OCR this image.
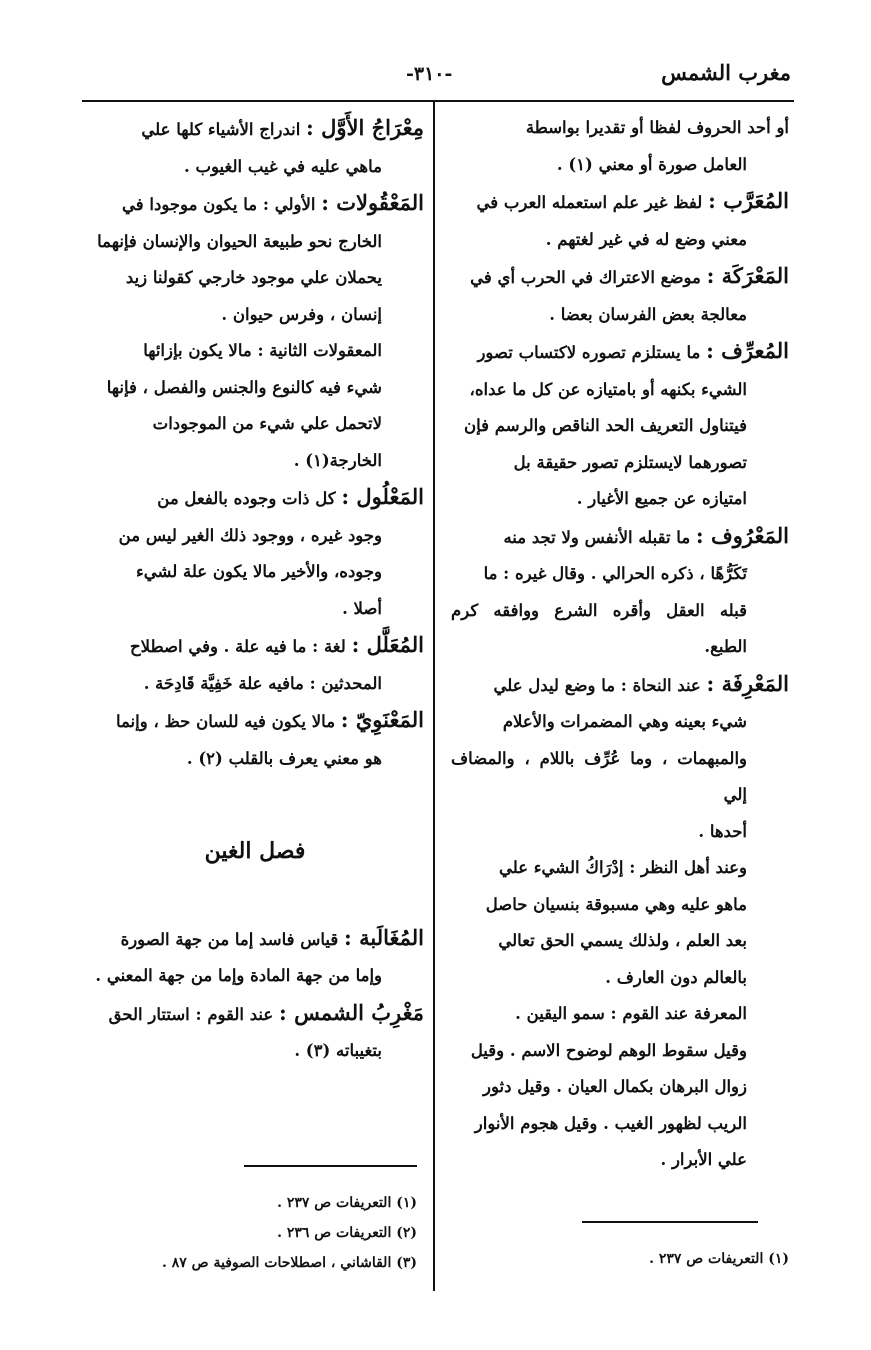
مغرب الشمس
-٣١٠-
أو أحد الحروف لفظا أو تقديرا بواسطة
العامل صورة أو معني (١) .
المُعَرَّب : لفظ غير علم استعمله العرب في
معني وضع له في غير لغتهم .
المَعْرَكَة : موضع الاعتراك في الحرب أي في
معالجة بعض الفرسان بعضا .
المُعرِّف : ما يستلزم تصوره لاكتساب تصور
الشيء بكنهه أو بامتيازه عن كل ما عداه،
فيتناول التعريف الحد الناقص والرسم فإن
تصورهما لايستلزم تصور حقيقة بل
امتيازه عن جميع الأغيار .
المَعْرُوف : ما تقبله الأنفس ولا تجد منه
تَكَرُّهًا ، ذكره الحرالي . وقال غيره : ما
قبله العقل وأقره الشرع ووافقه كرم الطبع.
المَعْرِفَة : عند النحاة : ما وضع ليدل علي
شيء بعينه وهي المضمرات والأعلام
والمبهمات ، وما عُرِّف باللام ، والمضاف إلي
أحدها .
وعند أهل النظر : إدْرَاكُ الشيء علي
ماهو عليه وهي مسبوقة بنسيان حاصل
بعد العلم ، ولذلك يسمي الحق تعالي
بالعالم دون العارف .
المعرفة عند القوم : سمو اليقين .
وقيل سقوط الوهم لوضوح الاسم . وقيل
زوال البرهان بكمال العيان . وقيل دثور
الريب لظهور الغيب . وقيل هجوم الأنوار
علي الأبرار .
مِعْرَاجُ الأَوَّل : اندراج الأشياء كلها علي
ماهي عليه في غيب الغيوب .
المَعْقُولات : الأولي : ما يكون موجودا في
الخارج نحو طبيعة الحيوان والإنسان فإنهما
يحملان علي موجود خارجي كقولنا زيد
إنسان ، وفرس حيوان .
المعقولات الثانية : مالا يكون بإزائها
شيء فيه كالنوع والجنس والفصل ، فإنها
لاتحمل علي شيء من الموجودات
الخارجة(١) .
المَعْلُول : كل ذات وجوده بالفعل من
وجود غيره ، ووجود ذلك الغير ليس من
وجوده، والأخير مالا يكون علة لشيء
أصلا .
المُعَلَّل : لغة : ما فيه علة . وفي اصطلاح
المحدثين : مافيه علة خَفِيَّة قَادِحَة .
المَعْنَوِيّ : مالا يكون فيه للسان حظ ، وإنما
هو معني يعرف بالقلب (٢) .
فصل الغين
المُغَالَبة : قياس فاسد إما من جهة الصورة
وإما من جهة المادة وإما من جهة المعني .
مَغْرِبُ الشمس : عند القوم : استتار الحق
بتغيباته (٣) .
(١) التعريفات ص ٢٣٧ .
(٢) التعريفات ص ٢٣٦ .
(٣) القاشاني ، اصطلاحات الصوفية ص ٨٧ .	(١) التعريفات ص ٢٣٧ .
